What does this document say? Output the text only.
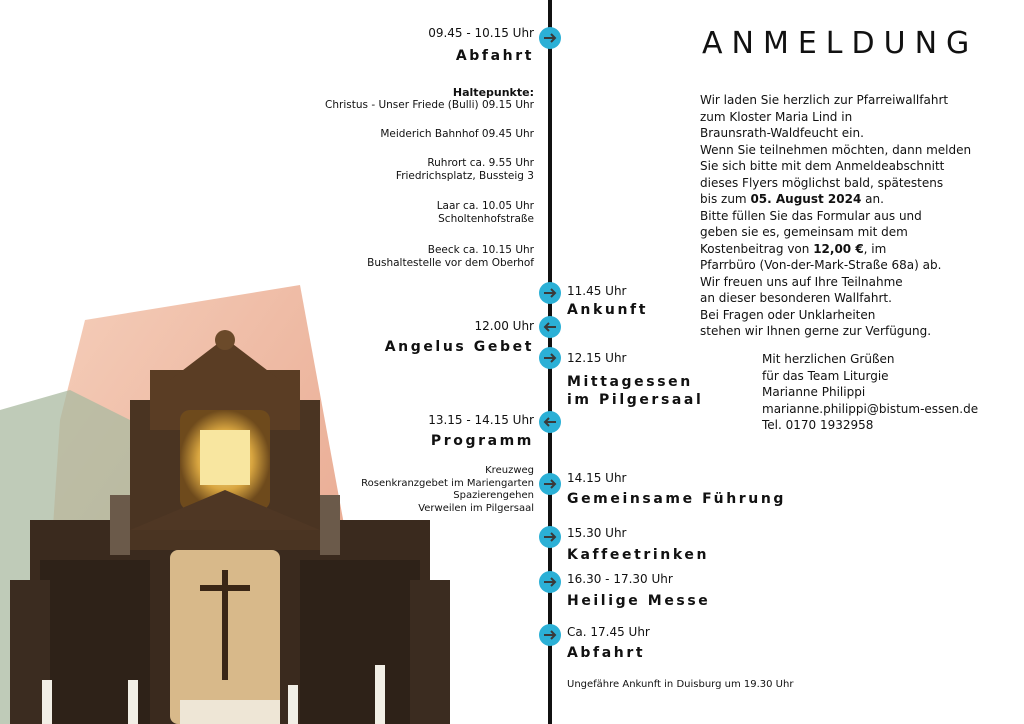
09.45 - 10.15 Uhr
Abfahrt
Haltepunkte:
Christus - Unser Friede (Bulli) 09.15 Uhr
Meiderich Bahnhof 09.45 Uhr
Ruhrort ca. 9.55 Uhr
Friedrichsplatz, Bussteig 3
Laar ca. 10.05 Uhr
Scholtenhofstraße
Beeck ca. 10.15 Uhr
Bushaltestelle vor dem Oberhof
12.00 Uhr
Angelus Gebet
13.15 - 14.15 Uhr
Programm
Kreuzweg
Rosenkranzgebet im Mariengarten
Spazierengehen
Verweilen im Pilgersaal
11.45 Uhr
Ankunft
12.15 Uhr
Mittagessen
im Pilgersaal
14.15 Uhr
Gemeinsame Führung
15.30 Uhr
Kaffeetrinken
16.30 - 17.30 Uhr
Heilige Messe
Ca. 17.45 Uhr
Abfahrt
Ungefähre Ankunft in Duisburg um 19.30 Uhr
ANMELDUNG

Wir laden Sie herzlich zur Pfarreiwallfahrt

zum Kloster Maria Lind in

Braunsrath-Waldfeucht ein.

Wenn Sie teilnehmen möchten, dann melden

Sie sich bitte mit dem Anmeldeabschnitt

dieses Flyers möglichst bald, spätestens

bis zum 05. August 2024 an.

Bitte füllen Sie das Formular aus und

geben sie es, gemeinsam mit dem

Kostenbeitrag von 12,00 €, im

Pfarrbüro (Von-der-Mark-Straße 68a) ab.

Wir freuen uns auf Ihre Teilnahme

an dieser besonderen Wallfahrt.

Bei Fragen oder Unklarheiten

stehen wir Ihnen gerne zur Verfügung.

Mit herzlichen Grüßen
für das Team Liturgie
Marianne Philippi
marianne.philippi@bistum-essen.de
Tel. 0170 1932958
